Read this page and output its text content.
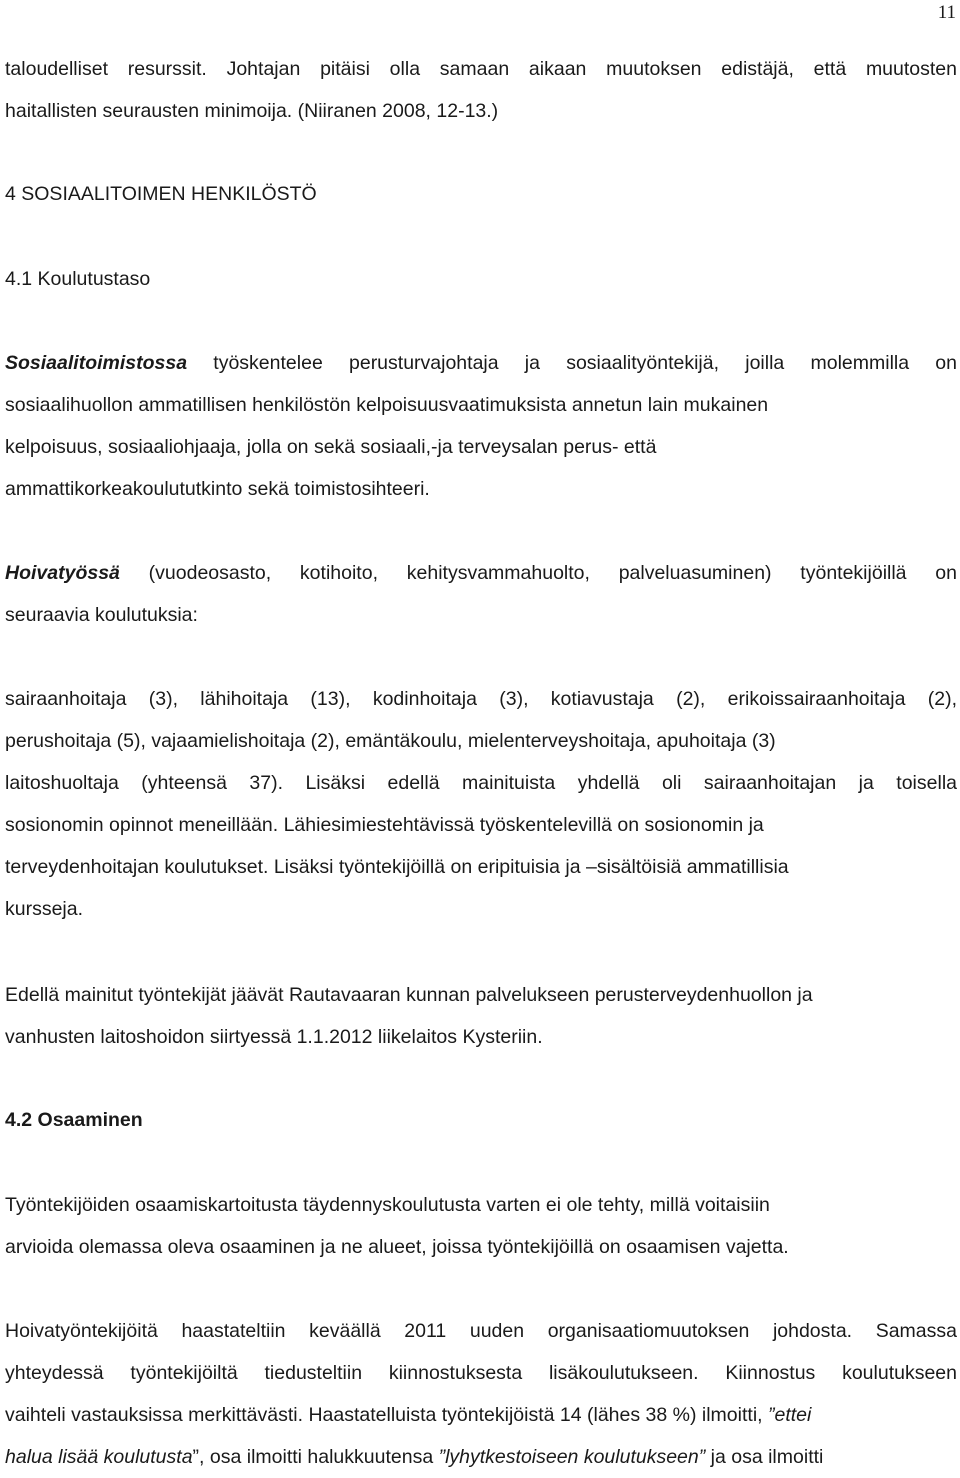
11

taloudelliset resurssit. Johtajan pitäisi olla samaan aikaan muutoksen edistäjä, että muutosten
haitallisten seurausten minimoija. (Niiranen 2008, 12-13.)

4 SOSIAALITOIMEN HENKILÖSTÖ
4.1 Koulutustaso

Sosiaalitoimistossa työskentelee perusturvajohtaja ja sosiaalityöntekijä, joilla molemmilla on
sosiaalihuollon ammatillisen henkilöstön kelpoisuusvaatimuksista annetun lain mukainen
kelpoisuus, sosiaaliohjaaja, jolla on sekä sosiaali,-ja terveysalan perus- että
ammattikorkeakoulututkinto sekä toimistosihteeri.

Hoivatyössä (vuodeosasto, kotihoito, kehitysvammahuolto, palveluasuminen) työntekijöillä on
seuraavia koulutuksia:

sairaanhoitaja (3), lähihoitaja (13), kodinhoitaja (3), kotiavustaja (2), erikoissairaanhoitaja (2),
perushoitaja (5), vajaamielishoitaja (2), emäntäkoulu, mielenterveyshoitaja, apuhoitaja (3)
laitoshuoltaja (yhteensä 37). Lisäksi edellä mainituista yhdellä oli sairaanhoitajan ja toisella
sosionomin opinnot meneillään. Lähiesimiestehtävissä työskentelevillä on sosionomin ja
terveydenhoitajan koulutukset. Lisäksi työntekijöillä on eripituisia ja –sisältöisiä ammatillisia
kursseja.

Edellä mainitut työntekijät jäävät Rautavaaran kunnan palvelukseen perusterveydenhuollon ja
vanhusten laitoshoidon siirtyessä 1.1.2012 liikelaitos Kysteriin.

4.2 Osaaminen

Työntekijöiden osaamiskartoitusta täydennyskoulutusta varten ei ole tehty, millä voitaisiin
arvioida olemassa oleva osaaminen ja ne alueet, joissa työntekijöillä on osaamisen vajetta.

Hoivatyöntekijöitä haastateltiin keväällä 2011 uuden organisaatiomuutoksen johdosta. Samassa
yhteydessä työntekijöiltä tiedusteltiin kiinnostuksesta lisäkoulutukseen. Kiinnostus koulutukseen
vaihteli vastauksissa merkittävästi. Haastatelluista työntekijöistä 14 (lähes 38 %) ilmoitti, ”ettei
halua lisää koulutusta”, osa ilmoitti halukkuutensa ”lyhytkestoiseen koulutukseen” ja osa ilmoitti
